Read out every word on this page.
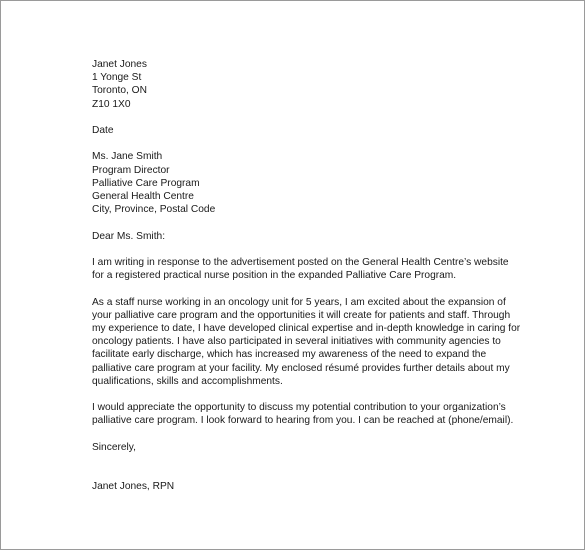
Janet Jones
1 Yonge St
Toronto, ON
Z10 1X0
Date
Ms. Jane Smith
Program Director
Palliative Care Program
General Health Centre
City, Province, Postal Code
Dear Ms. Smith:
I am writing in response to the advertisement posted on the General Health Centre’s website
for a registered practical nurse position in the expanded Palliative Care Program.
As a staff nurse working in an oncology unit for 5 years, I am excited about the expansion of
your palliative care program and the opportunities it will create for patients and staff. Through
my experience to date, I have developed clinical expertise and in-depth knowledge in caring for
oncology patients. I have also participated in several initiatives with community agencies to
facilitate early discharge, which has increased my awareness of the need to expand the
palliative care program at your facility. My enclosed résumé provides further details about my
qualifications, skills and accomplishments.
I would appreciate the opportunity to discuss my potential contribution to your organization’s
palliative care program. I look forward to hearing from you. I can be reached at (phone/email).
Sincerely,
Janet Jones, RPN
